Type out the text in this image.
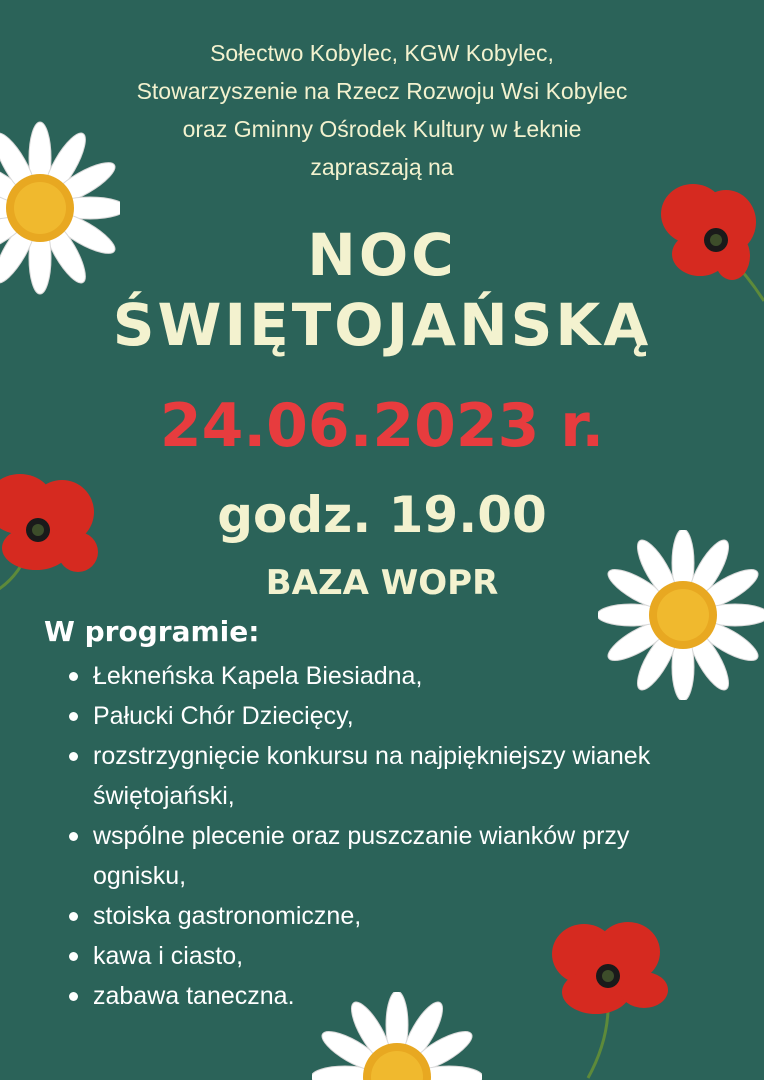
Sołectwo Kobylec, KGW Kobylec,
Stowarzyszenie na Rzecz Rozwoju Wsi Kobylec
oraz Gminny Ośrodek Kultury w Łeknie
zapraszają na
NOC
ŚWIĘTOJAŃSKĄ
24.06.2023 r.
godz. 19.00
BAZA WOPR
W programie:
Łekneńska Kapela Biesiadna,
Pałucki Chór Dziecięcy,
rozstrzygnięcie konkursu na najpiękniejszy wianek świętojański,
wspólne plecenie oraz puszczanie wianków przy ognisku,
stoiska gastronomiczne,
kawa i ciasto,
zabawa taneczna.
